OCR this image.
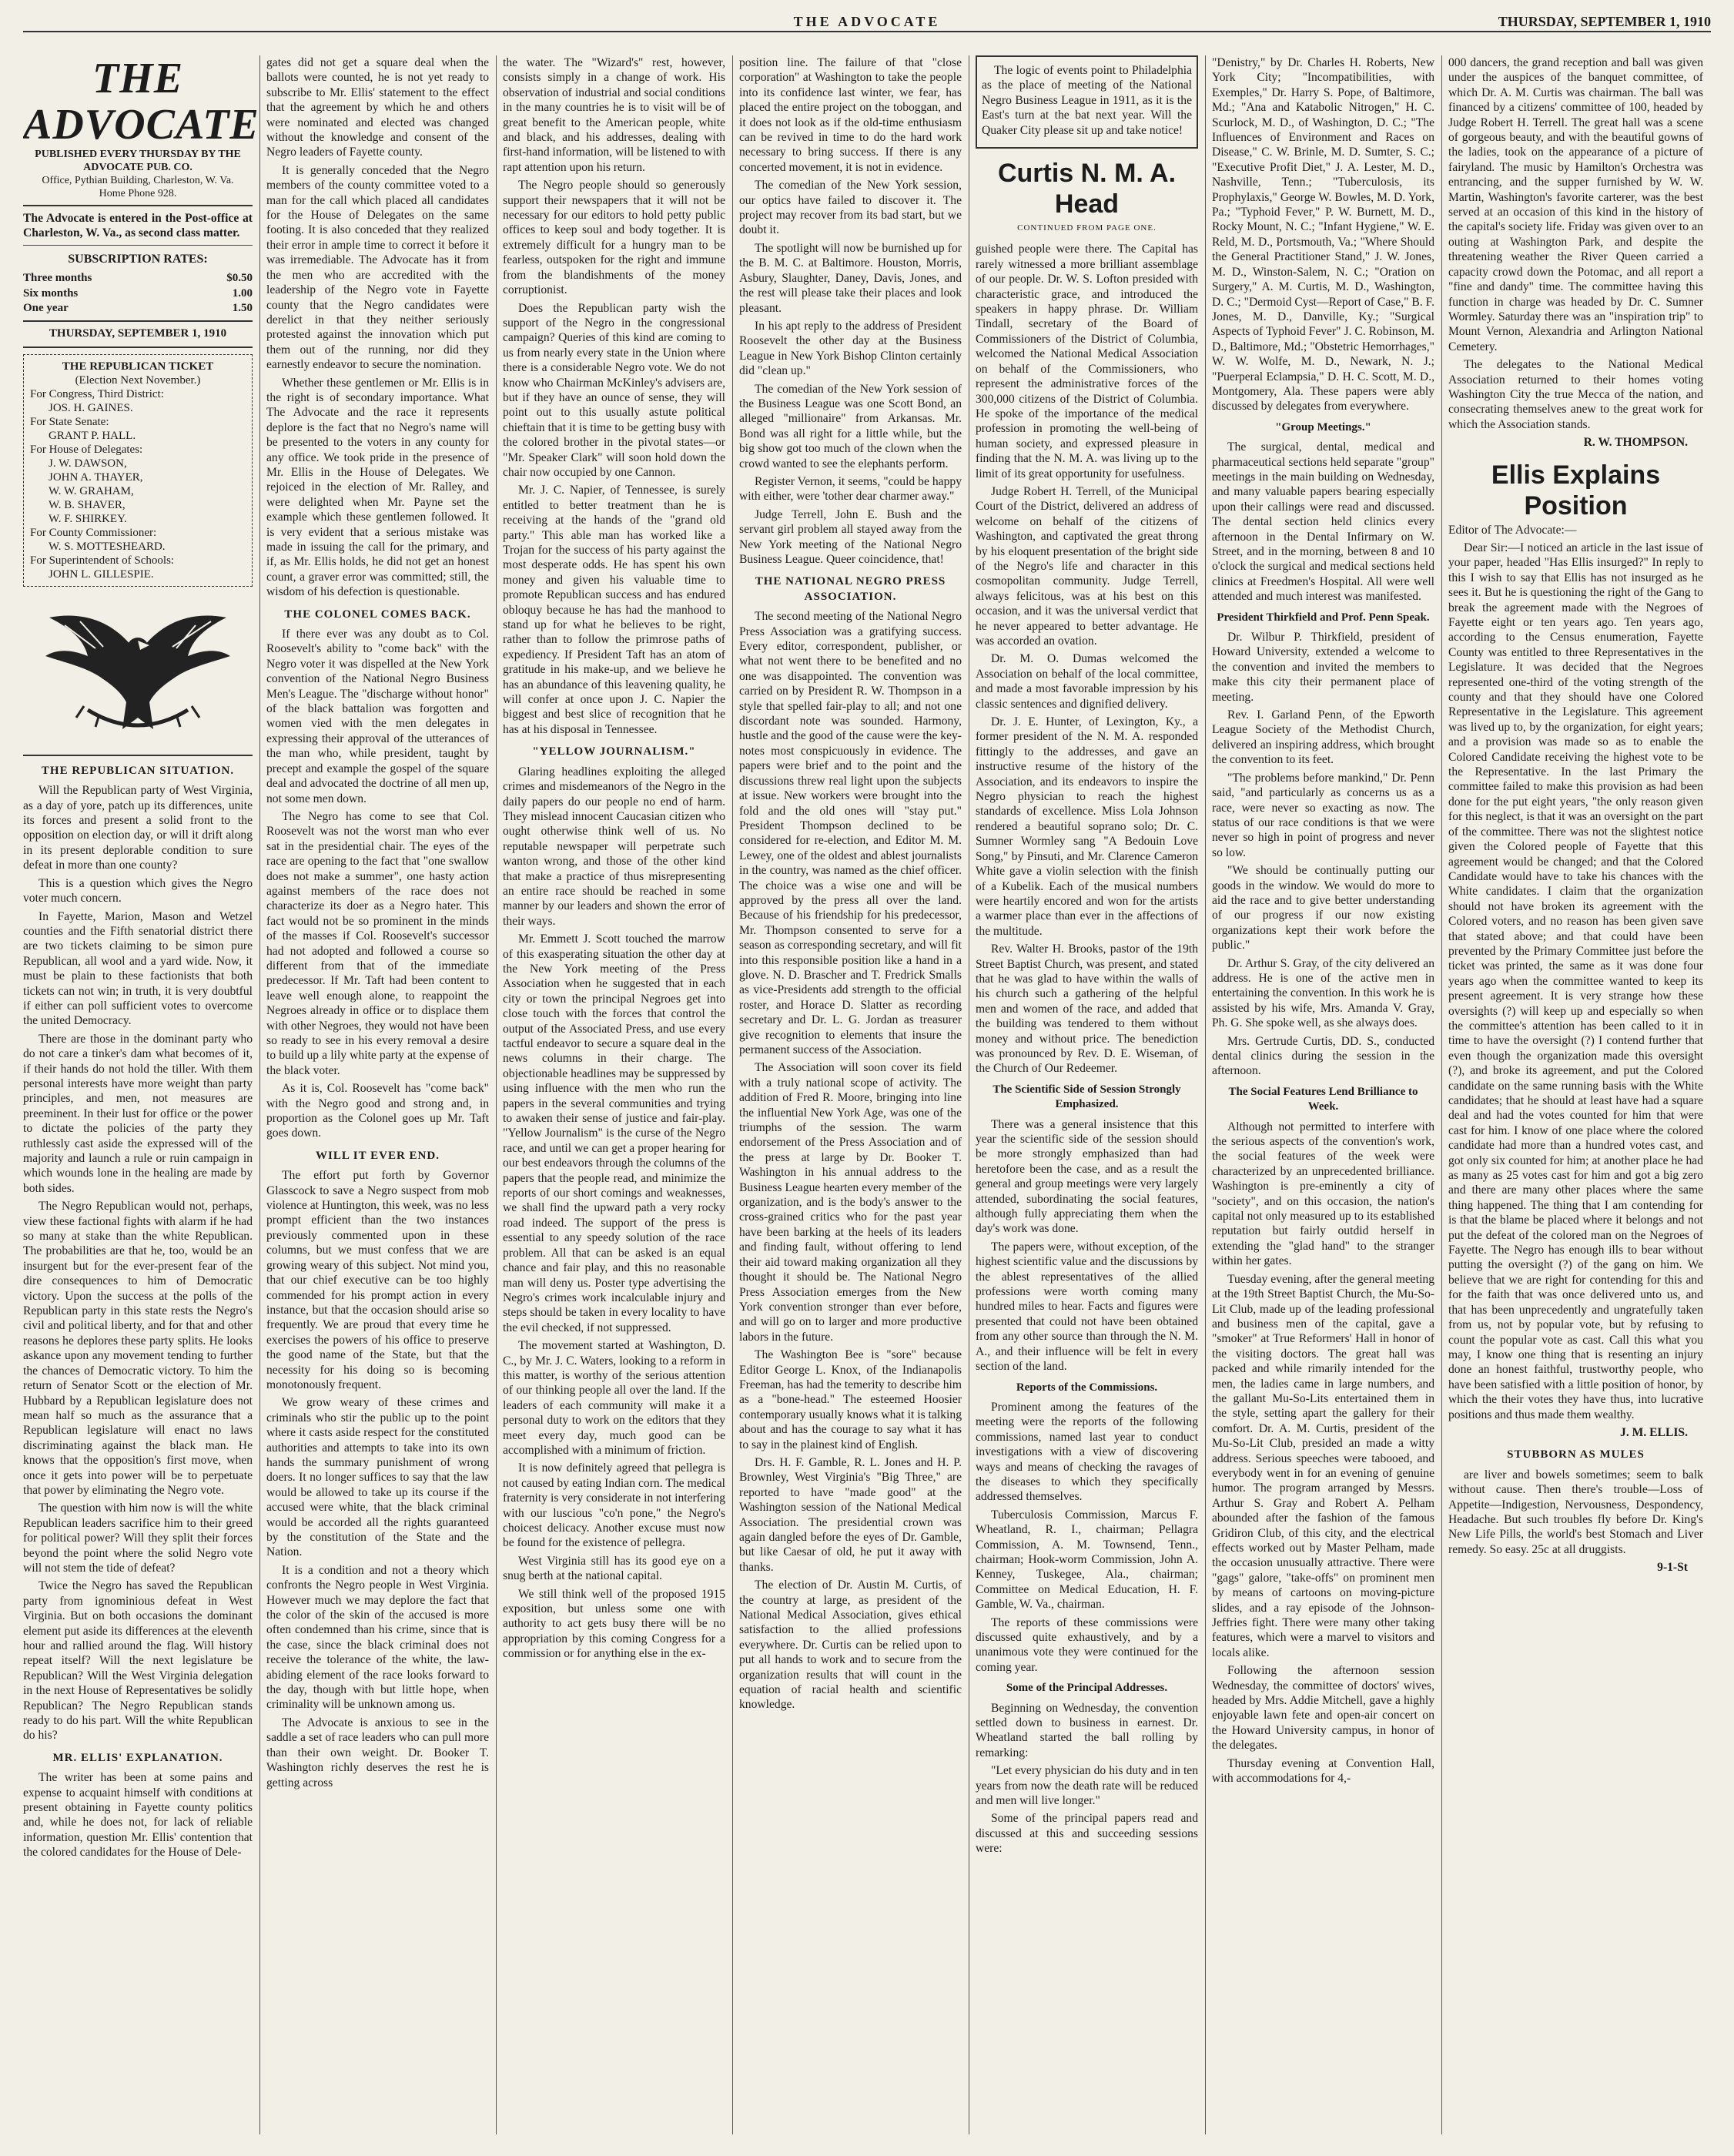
THE ADVOCATE	THURSDAY, SEPTEMBER 1, 1910
THE ADVOCATE
PUBLISHED EVERY THURSDAY BY THE ADVOCATE PUB. CO.
Office, Pythian Building, Charleston, W. Va.
Home Phone 928.

The Advocate is entered in the Post-office at Charleston, W. Va., as second class matter.

SUBSCRIPTION RATES:
Three months	$0.50
Six months	1.00
One year	1.50
THURSDAY, SEPTEMBER 1, 1910
THE REPUBLICAN TICKET
(Election Next November.)
For Congress, Third District:
JOS. H. GAINES.
For State Senate:
GRANT P. HALL.
For House of Delegates:
J. W. DAWSON,
JOHN A. THAYER,
W. W. GRAHAM,
W. B. SHAVER,
W. F. SHIRKEY.
For County Commissioner:
W. S. MOTTESHEARD.
For Superintendent of Schools:
JOHN L. GILLESPIE.
THE REPUBLICAN SITUATION.

Will the Republican party of West Virginia, as a day of yore, patch up its differences, unite its forces and present a solid front to the opposition on election day, or will it drift along in its present deplorable condition to sure defeat in more than one county?

This is a question which gives the Negro voter much concern.

In Fayette, Marion, Mason and Wetzel counties and the Fifth senatorial district there are two tickets claiming to be simon pure Republican, all wool and a yard wide. Now, it must be plain to these factionists that both tickets can not win; in truth, it is very doubtful if either can poll sufficient votes to overcome the united Democracy.

There are those in the dominant party who do not care a tinker's dam what becomes of it, if their hands do not hold the tiller. With them personal interests have more weight than party principles, and men, not measures are preeminent. In their lust for office or the power to dictate the policies of the party they ruthlessly cast aside the expressed will of the majority and launch a rule or ruin campaign in which wounds lone in the healing are made by both sides.

The Negro Republican would not, perhaps, view these factional fights with alarm if he had so many at stake than the white Republican. The probabilities are that he, too, would be an insurgent but for the ever-present fear of the dire consequences to him of Democratic victory. Upon the success at the polls of the Republican party in this state rests the Negro's civil and political liberty, and for that and other reasons he deplores these party splits. He looks askance upon any movement tending to further the chances of Democratic victory. To him the return of Senator Scott or the election of Mr. Hubbard by a Republican legislature does not mean half so much as the assurance that a Republican legislature will enact no laws discriminating against the black man. He knows that the opposition's first move, when once it gets into power will be to perpetuate that power by eliminating the Negro vote.

The question with him now is will the white Republican leaders sacrifice him to their greed for political power? Will they split their forces beyond the point where the solid Negro vote will not stem the tide of defeat?

Twice the Negro has saved the Republican party from ignominious defeat in West Virginia. But on both occasions the dominant element put aside its differences at the eleventh hour and rallied around the flag. Will history repeat itself? Will the next legislature be Republican? Will the West Virginia delegation in the next House of Representatives be solidly Republican? The Negro Republican stands ready to do his part. Will the white Republican do his?

MR. ELLIS' EXPLANATION.

The writer has been at some pains and expense to acquaint himself with conditions at present obtaining in Fayette county politics and, while he does not, for lack of reliable information, question Mr. Ellis' contention that the colored candidates for the House of Dele-

gates did not get a square deal when the ballots were counted, he is not yet ready to subscribe to Mr. Ellis' statement to the effect that the agreement by which he and others were nominated and elected was changed without the knowledge and consent of the Negro leaders of Fayette county.

It is generally conceded that the Negro members of the county committee voted to a man for the call which placed all candidates for the House of Delegates on the same footing. It is also conceded that they realized their error in ample time to correct it before it was irremediable. The Advocate has it from the men who are accredited with the leadership of the Negro vote in Fayette county that the Negro candidates were derelict in that they neither seriously protested against the innovation which put them out of the running, nor did they earnestly endeavor to secure the nomination.

Whether these gentlemen or Mr. Ellis is in the right is of secondary importance. What The Advocate and the race it represents deplore is the fact that no Negro's name will be presented to the voters in any county for any office. We took pride in the presence of Mr. Ellis in the House of Delegates. We rejoiced in the election of Mr. Ralley, and were delighted when Mr. Payne set the example which these gentlemen followed. It is very evident that a serious mistake was made in issuing the call for the primary, and if, as Mr. Ellis holds, he did not get an honest count, a graver error was committed; still, the wisdom of his defection is questionable.

THE COLONEL COMES BACK.

If there ever was any doubt as to Col. Roosevelt's ability to "come back" with the Negro voter it was dispelled at the New York convention of the National Negro Business Men's League. The "discharge without honor" of the black battalion was forgotten and women vied with the men delegates in expressing their approval of the utterances of the man who, while president, taught by precept and example the gospel of the square deal and advocated the doctrine of all men up, not some men down.

The Negro has come to see that Col. Roosevelt was not the worst man who ever sat in the presidential chair. The eyes of the race are opening to the fact that "one swallow does not make a summer", one hasty action against members of the race does not characterize its doer as a Negro hater. This fact would not be so prominent in the minds of the masses if Col. Roosevelt's successor had not adopted and followed a course so different from that of the immediate predecessor. If Mr. Taft had been content to leave well enough alone, to reappoint the Negroes already in office or to displace them with other Negroes, they would not have been so ready to see in his every removal a desire to build up a lily white party at the expense of the black voter.

As it is, Col. Roosevelt has "come back" with the Negro good and strong and, in proportion as the Colonel goes up Mr. Taft goes down.

WILL IT EVER END.

The effort put forth by Governor Glasscock to save a Negro suspect from mob violence at Huntington, this week, was no less prompt efficient than the two instances previously commented upon in these columns, but we must confess that we are growing weary of this subject. Not mind you, that our chief executive can be too highly commended for his prompt action in every instance, but that the occasion should arise so frequently. We are proud that every time he exercises the powers of his office to preserve the good name of the State, but that the necessity for his doing so is becoming monotonously frequent.

We grow weary of these crimes and criminals who stir the public up to the point where it casts aside respect for the constituted authorities and attempts to take into its own hands the summary punishment of wrong doers. It no longer suffices to say that the law would be allowed to take up its course if the accused were white, that the black criminal would be accorded all the rights guaranteed by the constitution of the State and the Nation.

It is a condition and not a theory which confronts the Negro people in West Virginia. However much we may deplore the fact that the color of the skin of the accused is more often condemned than his crime, since that is the case, since the black criminal does not receive the tolerance of the white, the law-abiding element of the race looks forward to the day, though with but little hope, when criminality will be unknown among us.

The Advocate is anxious to see in the saddle a set of race leaders who can pull more than their own weight. Dr. Booker T. Washington richly deserves the rest he is getting across

the water. The "Wizard's" rest, however, consists simply in a change of work. His observation of industrial and social conditions in the many countries he is to visit will be of great benefit to the American people, white and black, and his addresses, dealing with first-hand information, will be listened to with rapt attention upon his return.

The Negro people should so generously support their newspapers that it will not be necessary for our editors to hold petty public offices to keep soul and body together. It is extremely difficult for a hungry man to be fearless, outspoken for the right and immune from the blandishments of the money corruptionist.

Does the Republican party wish the support of the Negro in the congressional campaign? Queries of this kind are coming to us from nearly every state in the Union where there is a considerable Negro vote. We do not know who Chairman McKinley's advisers are, but if they have an ounce of sense, they will point out to this usually astute political chieftain that it is time to be getting busy with the colored brother in the pivotal states—or "Mr. Speaker Clark" will soon hold down the chair now occupied by one Cannon.

Mr. J. C. Napier, of Tennessee, is surely entitled to better treatment than he is receiving at the hands of the "grand old party." This able man has worked like a Trojan for the success of his party against the most desperate odds. He has spent his own money and given his valuable time to promote Republican success and has endured obloquy because he has had the manhood to stand up for what he believes to be right, rather than to follow the primrose paths of expediency. If President Taft has an atom of gratitude in his make-up, and we believe he has an abundance of this leavening quality, he will confer at once upon J. C. Napier the biggest and best slice of recognition that he has at his disposal in Tennessee.

"YELLOW JOURNALISM."

Glaring headlines exploiting the alleged crimes and misdemeanors of the Negro in the daily papers do our people no end of harm. They mislead innocent Caucasian citizen who ought otherwise think well of us. No reputable newspaper will perpetrate such wanton wrong, and those of the other kind that make a practice of thus misrepresenting an entire race should be reached in some manner by our leaders and shown the error of their ways.

Mr. Emmett J. Scott touched the marrow of this exasperating situation the other day at the New York meeting of the Press Association when he suggested that in each city or town the principal Negroes get into close touch with the forces that control the output of the Associated Press, and use every tactful endeavor to secure a square deal in the news columns in their charge. The objectionable headlines may be suppressed by using influence with the men who run the papers in the several communities and trying to awaken their sense of justice and fair-play. "Yellow Journalism" is the curse of the Negro race, and until we can get a proper hearing for our best endeavors through the columns of the papers that the people read, and minimize the reports of our short comings and weaknesses, we shall find the upward path a very rocky road indeed. The support of the press is essential to any speedy solution of the race problem. All that can be asked is an equal chance and fair play, and this no reasonable man will deny us. Poster type advertising the Negro's crimes work incalculable injury and steps should be taken in every locality to have the evil checked, if not suppressed.

The movement started at Washington, D. C., by Mr. J. C. Waters, looking to a reform in this matter, is worthy of the serious attention of our thinking people all over the land. If the leaders of each community will make it a personal duty to work on the editors that they meet every day, much good can be accomplished with a minimum of friction.

It is now definitely agreed that pellegra is not caused by eating Indian corn. The medical fraternity is very considerate in not interfering with our luscious "co'n pone," the Negro's choicest delicacy. Another excuse must now be found for the existence of pellegra.

West Virginia still has its good eye on a snug berth at the national capital.

We still think well of the proposed 1915 exposition, but unless some one with authority to act gets busy there will be no appropriation by this coming Congress for a commission or for anything else in the ex-

position line. The failure of that "close corporation" at Washington to take the people into its confidence last winter, we fear, has placed the entire project on the toboggan, and it does not look as if the old-time enthusiasm can be revived in time to do the hard work necessary to bring success. If there is any concerted movement, it is not in evidence.

The comedian of the New York session, our optics have failed to discover it. The project may recover from its bad start, but we doubt it.

The spotlight will now be burnished up for the B. M. C. at Baltimore. Houston, Morris, Asbury, Slaughter, Daney, Davis, Jones, and the rest will please take their places and look pleasant.

In his apt reply to the address of President Roosevelt the other day at the Business League in New York Bishop Clinton certainly did "clean up."

The comedian of the New York session of the Business League was one Scott Bond, an alleged "millionaire" from Arkansas. Mr. Bond was all right for a little while, but the big show got too much of the clown when the crowd wanted to see the elephants perform.

Register Vernon, it seems, "could be happy with either, were 'tother dear charmer away."

Judge Terrell, John E. Bush and the servant girl problem all stayed away from the New York meeting of the National Negro Business League. Queer coincidence, that!

THE NATIONAL NEGRO PRESS ASSOCIATION.

The second meeting of the National Negro Press Association was a gratifying success. Every editor, correspondent, publisher, or what not went there to be benefited and no one was disappointed. The convention was carried on by President R. W. Thompson in a style that spelled fair-play to all; and not one discordant note was sounded. Harmony, hustle and the good of the cause were the key-notes most conspicuously in evidence. The papers were brief and to the point and the discussions threw real light upon the subjects at issue. New workers were brought into the fold and the old ones will "stay put." President Thompson declined to be considered for re-election, and Editor M. M. Lewey, one of the oldest and ablest journalists in the country, was named as the chief officer. The choice was a wise one and will be approved by the press all over the land. Because of his friendship for his predecessor, Mr. Thompson consented to serve for a season as corresponding secretary, and will fit into this responsible position like a hand in a glove. N. D. Brascher and T. Fredrick Smalls as vice-Presidents add strength to the official roster, and Horace D. Slatter as recording secretary and Dr. L. G. Jordan as treasurer give recognition to elements that insure the permanent success of the Association.

The Association will soon cover its field with a truly national scope of activity. The addition of Fred R. Moore, bringing into line the influential New York Age, was one of the triumphs of the session. The warm endorsement of the Press Association and of the press at large by Dr. Booker T. Washington in his annual address to the Business League hearten every member of the organization, and is the body's answer to the cross-grained critics who for the past year have been barking at the heels of its leaders and finding fault, without offering to lend their aid toward making organization all they thought it should be. The National Negro Press Association emerges from the New York convention stronger than ever before, and will go on to larger and more productive labors in the future.

The Washington Bee is "sore" because Editor George L. Knox, of the Indianapolis Freeman, has had the temerity to describe him as a "bone-head." The esteemed Hoosier contemporary usually knows what it is talking about and has the courage to say what it has to say in the plainest kind of English.

Drs. H. F. Gamble, R. L. Jones and H. P. Brownley, West Virginia's "Big Three," are reported to have "made good" at the Washington session of the National Medical Association. The presidential crown was again dangled before the eyes of Dr. Gamble, but like Caesar of old, he put it away with thanks.

The election of Dr. Austin M. Curtis, of the country at large, as president of the National Medical Association, gives ethical satisfaction to the allied professions everywhere. Dr. Curtis can be relied upon to put all hands to work and to secure from the organization results that will count in the equation of racial health and scientific knowledge.

The logic of events point to Philadelphia as the place of meeting of the National Negro Business League in 1911, as it is the East's turn at the bat next year. Will the Quaker City please sit up and take notice!

Curtis N. M. A. Head
CONTINUED FROM PAGE ONE.

guished people were there. The Capital has rarely witnessed a more brilliant assemblage of our people. Dr. W. S. Lofton presided with characteristic grace, and introduced the speakers in happy phrase. Dr. William Tindall, secretary of the Board of Commissioners of the District of Columbia, welcomed the National Medical Association on behalf of the Commissioners, who represent the administrative forces of the 300,000 citizens of the District of Columbia. He spoke of the importance of the medical profession in promoting the well-being of human society, and expressed pleasure in finding that the N. M. A. was living up to the limit of its great opportunity for usefulness.

Judge Robert H. Terrell, of the Municipal Court of the District, delivered an address of welcome on behalf of the citizens of Washington, and captivated the great throng by his eloquent presentation of the bright side of the Negro's life and character in this cosmopolitan community. Judge Terrell, always felicitous, was at his best on this occasion, and it was the universal verdict that he never appeared to better advantage. He was accorded an ovation.

Dr. M. O. Dumas welcomed the Association on behalf of the local committee, and made a most favorable impression by his classic sentences and dignified delivery.

Dr. J. E. Hunter, of Lexington, Ky., a former president of the N. M. A. responded fittingly to the addresses, and gave an instructive resume of the history of the Association, and its endeavors to inspire the Negro physician to reach the highest standards of excellence. Miss Lola Johnson rendered a beautiful soprano solo; Dr. C. Sumner Wormley sang "A Bedouin Love Song," by Pinsuti, and Mr. Clarence Cameron White gave a violin selection with the finish of a Kubelik. Each of the musical numbers were heartily encored and won for the artists a warmer place than ever in the affections of the multitude.

Rev. Walter H. Brooks, pastor of the 19th Street Baptist Church, was present, and stated that he was glad to have within the walls of his church such a gathering of the helpful men and women of the race, and added that the building was tendered to them without money and without price. The benediction was pronounced by Rev. D. E. Wiseman, of the Church of Our Redeemer.

The Scientific Side of Session Strongly Emphasized.

There was a general insistence that this year the scientific side of the session should be more strongly emphasized than had heretofore been the case, and as a result the general and group meetings were very largely attended, subordinating the social features, although fully appreciating them when the day's work was done.

The papers were, without exception, of the highest scientific value and the discussions by the ablest representatives of the allied professions were worth coming many hundred miles to hear. Facts and figures were presented that could not have been obtained from any other source than through the N. M. A., and their influence will be felt in every section of the land.

Reports of the Commissions.

Prominent among the features of the meeting were the reports of the following commissions, named last year to conduct investigations with a view of discovering ways and means of checking the ravages of the diseases to which they specifically addressed themselves.

Tuberculosis Commission, Marcus F. Wheatland, R. I., chairman; Pellagra Commission, A. M. Townsend, Tenn., chairman; Hook-worm Commission, John A. Kenney, Tuskegee, Ala., chairman; Committee on Medical Education, H. F. Gamble, W. Va., chairman.

The reports of these commissions were discussed quite exhaustively, and by a unanimous vote they were continued for the coming year.

Some of the Principal Addresses.

Beginning on Wednesday, the convention settled down to business in earnest. Dr. Wheatland started the ball rolling by remarking:

"Let every physician do his duty and in ten years from now the death rate will be reduced and men will live longer."

Some of the principal papers read and discussed at this and succeeding sessions were:

"Denistry," by Dr. Charles H. Roberts, New York City; "Incompatibilities, with Exemples," Dr. Harry S. Pope, of Baltimore, Md.; "Ana and Katabolic Nitrogen," H. C. Scurlock, M. D., of Washington, D. C.; "The Influences of Environment and Races on Disease," C. W. Brinle, M. D. Sumter, S. C.; "Executive Profit Diet," J. A. Lester, M. D., Nashville, Tenn.; "Tuberculosis, its Prophylaxis," George W. Bowles, M. D. York, Pa.; "Typhoid Fever," P. W. Burnett, M. D., Rocky Mount, N. C.; "Infant Hygiene," W. E. Reld, M. D., Portsmouth, Va.; "Where Should the General Practitioner Stand," J. W. Jones, M. D., Winston-Salem, N. C.; "Oration on Surgery," A. M. Curtis, M. D., Washington, D. C.; "Dermoid Cyst—Report of Case," B. F. Jones, M. D., Danville, Ky.; "Surgical Aspects of Typhoid Fever" J. C. Robinson, M. D., Baltimore, Md.; "Obstetric Hemorrhages," W. W. Wolfe, M. D., Newark, N. J.; "Puerperal Eclampsia," D. H. C. Scott, M. D., Montgomery, Ala. These papers were ably discussed by delegates from everywhere.

"Group Meetings."

The surgical, dental, medical and pharmaceutical sections held separate "group" meetings in the main building on Wednesday, and many valuable papers bearing especially upon their callings were read and discussed. The dental section held clinics every afternoon in the Dental Infirmary on W. Street, and in the morning, between 8 and 10 o'clock the surgical and medical sections held clinics at Freedmen's Hospital. All were well attended and much interest was manifested.

President Thirkfield and Prof. Penn Speak.

Dr. Wilbur P. Thirkfield, president of Howard University, extended a welcome to the convention and invited the members to make this city their permanent place of meeting.

Rev. I. Garland Penn, of the Epworth League Society of the Methodist Church, delivered an inspiring address, which brought the convention to its feet.

"The problems before mankind," Dr. Penn said, "and particularly as concerns us as a race, were never so exacting as now. The status of our race conditions is that we were never so high in point of progress and never so low.

"We should be continually putting our goods in the window. We would do more to aid the race and to give better understanding of our progress if our now existing organizations kept their work before the public."

Dr. Arthur S. Gray, of the city delivered an address. He is one of the active men in entertaining the convention. In this work he is assisted by his wife, Mrs. Amanda V. Gray, Ph. G. She spoke well, as she always does.

Mrs. Gertrude Curtis, DD. S., conducted dental clinics during the session in the afternoon.

The Social Features Lend Brilliance to Week.

Although not permitted to interfere with the serious aspects of the convention's work, the social features of the week were characterized by an unprecedented brilliance. Washington is pre-eminently a city of "society", and on this occasion, the nation's capital not only measured up to its established reputation but fairly outdid herself in extending the "glad hand" to the stranger within her gates.

Tuesday evening, after the general meeting at the 19th Street Baptist Church, the Mu-So-Lit Club, made up of the leading professional and business men of the capital, gave a "smoker" at True Reformers' Hall in honor of the visiting doctors. The great hall was packed and while rimarily intended for the men, the ladies came in large numbers, and the gallant Mu-So-Lits entertained them in the style, setting apart the gallery for their comfort. Dr. A. M. Curtis, president of the Mu-So-Lit Club, presided an made a witty address. Serious speeches were tabooed, and everybody went in for an evening of genuine humor. The program arranged by Messrs. Arthur S. Gray and Robert A. Pelham abounded after the fashion of the famous Gridiron Club, of this city, and the electrical effects worked out by Master Pelham, made the occasion unusually attractive. There were "gags" galore, "take-offs" on prominent men by means of cartoons on moving-picture slides, and a ray episode of the Johnson-Jeffries fight. There were many other taking features, which were a marvel to visitors and locals alike.

Following the afternoon session Wednesday, the committee of doctors' wives, headed by Mrs. Addie Mitchell, gave a highly enjoyable lawn fete and open-air concert on the Howard University campus, in honor of the delegates.

Thursday evening at Convention Hall, with accommodations for 4,-

000 dancers, the grand reception and ball was given under the auspices of the banquet committee, of which Dr. A. M. Curtis was chairman. The ball was financed by a citizens' committee of 100, headed by Judge Robert H. Terrell. The great hall was a scene of gorgeous beauty, and with the beautiful gowns of the ladies, took on the appearance of a picture of fairyland. The music by Hamilton's Orchestra was entrancing, and the supper furnished by W. W. Martin, Washington's favorite carterer, was the best served at an occasion of this kind in the history of the capital's society life. Friday was given over to an outing at Washington Park, and despite the threatening weather the River Queen carried a capacity crowd down the Potomac, and all report a "fine and dandy" time. The committee having this function in charge was headed by Dr. C. Sumner Wormley. Saturday there was an "inspiration trip" to Mount Vernon, Alexandria and Arlington National Cemetery.

The delegates to the National Medical Association returned to their homes voting Washington City the true Mecca of the nation, and consecrating themselves anew to the great work for which the Association stands.

R. W. THOMPSON.
Ellis Explains Position

Editor of The Advocate:—

Dear Sir:—I noticed an article in the last issue of your paper, headed "Has Ellis insurged?" In reply to this I wish to say that Ellis has not insurged as he sees it. But he is questioning the right of the Gang to break the agreement made with the Negroes of Fayette eight or ten years ago. Ten years ago, according to the Census enumeration, Fayette County was entitled to three Representatives in the Legislature. It was decided that the Negroes represented one-third of the voting strength of the county and that they should have one Colored Representative in the Legislature. This agreement was lived up to, by the organization, for eight years; and a provision was made so as to enable the Colored Candidate receiving the highest vote to be the Representative. In the last Primary the committee failed to make this provision as had been done for the put eight years, "the only reason given for this neglect, is that it was an oversight on the part of the committee. There was not the slightest notice given the Colored people of Fayette that this agreement would be changed; and that the Colored Candidate would have to take his chances with the White candidates. I claim that the organization should not have broken its agreement with the Colored voters, and no reason has been given save that stated above; and that could have been prevented by the Primary Committee just before the ticket was printed, the same as it was done four years ago when the committee wanted to keep its present agreement. It is very strange how these oversights (?) will keep up and especially so when the committee's attention has been called to it in time to have the oversight (?) I contend further that even though the organization made this oversight (?), and broke its agreement, and put the Colored candidate on the same running basis with the White candidates; that he should at least have had a square deal and had the votes counted for him that were cast for him. I know of one place where the colored candidate had more than a hundred votes cast, and got only six counted for him; at another place he had as many as 25 votes cast for him and got a big zero and there are many other places where the same thing happened. The thing that I am contending for is that the blame be placed where it belongs and not put the defeat of the colored man on the Negroes of Fayette. The Negro has enough ills to bear without putting the oversight (?) of the gang on him. We believe that we are right for contending for this and for the faith that was once delivered unto us, and that has been unprecedently and ungratefully taken from us, not by popular vote, but by refusing to count the popular vote as cast. Call this what you may, I know one thing that is resenting an injury done an honest faithful, trustworthy people, who have been satisfied with a little position of honor, by which the their votes they have thus, into lucrative positions and thus made them wealthy.

J. M. ELLIS.
STUBBORN AS MULES

are liver and bowels sometimes; seem to balk without cause. Then there's trouble—Loss of Appetite—Indigestion, Nervousness, Despondency, Headache. But such troubles fly before Dr. King's New Life Pills, the world's best Stomach and Liver remedy. So easy. 25c at all druggists.

9-1-St
